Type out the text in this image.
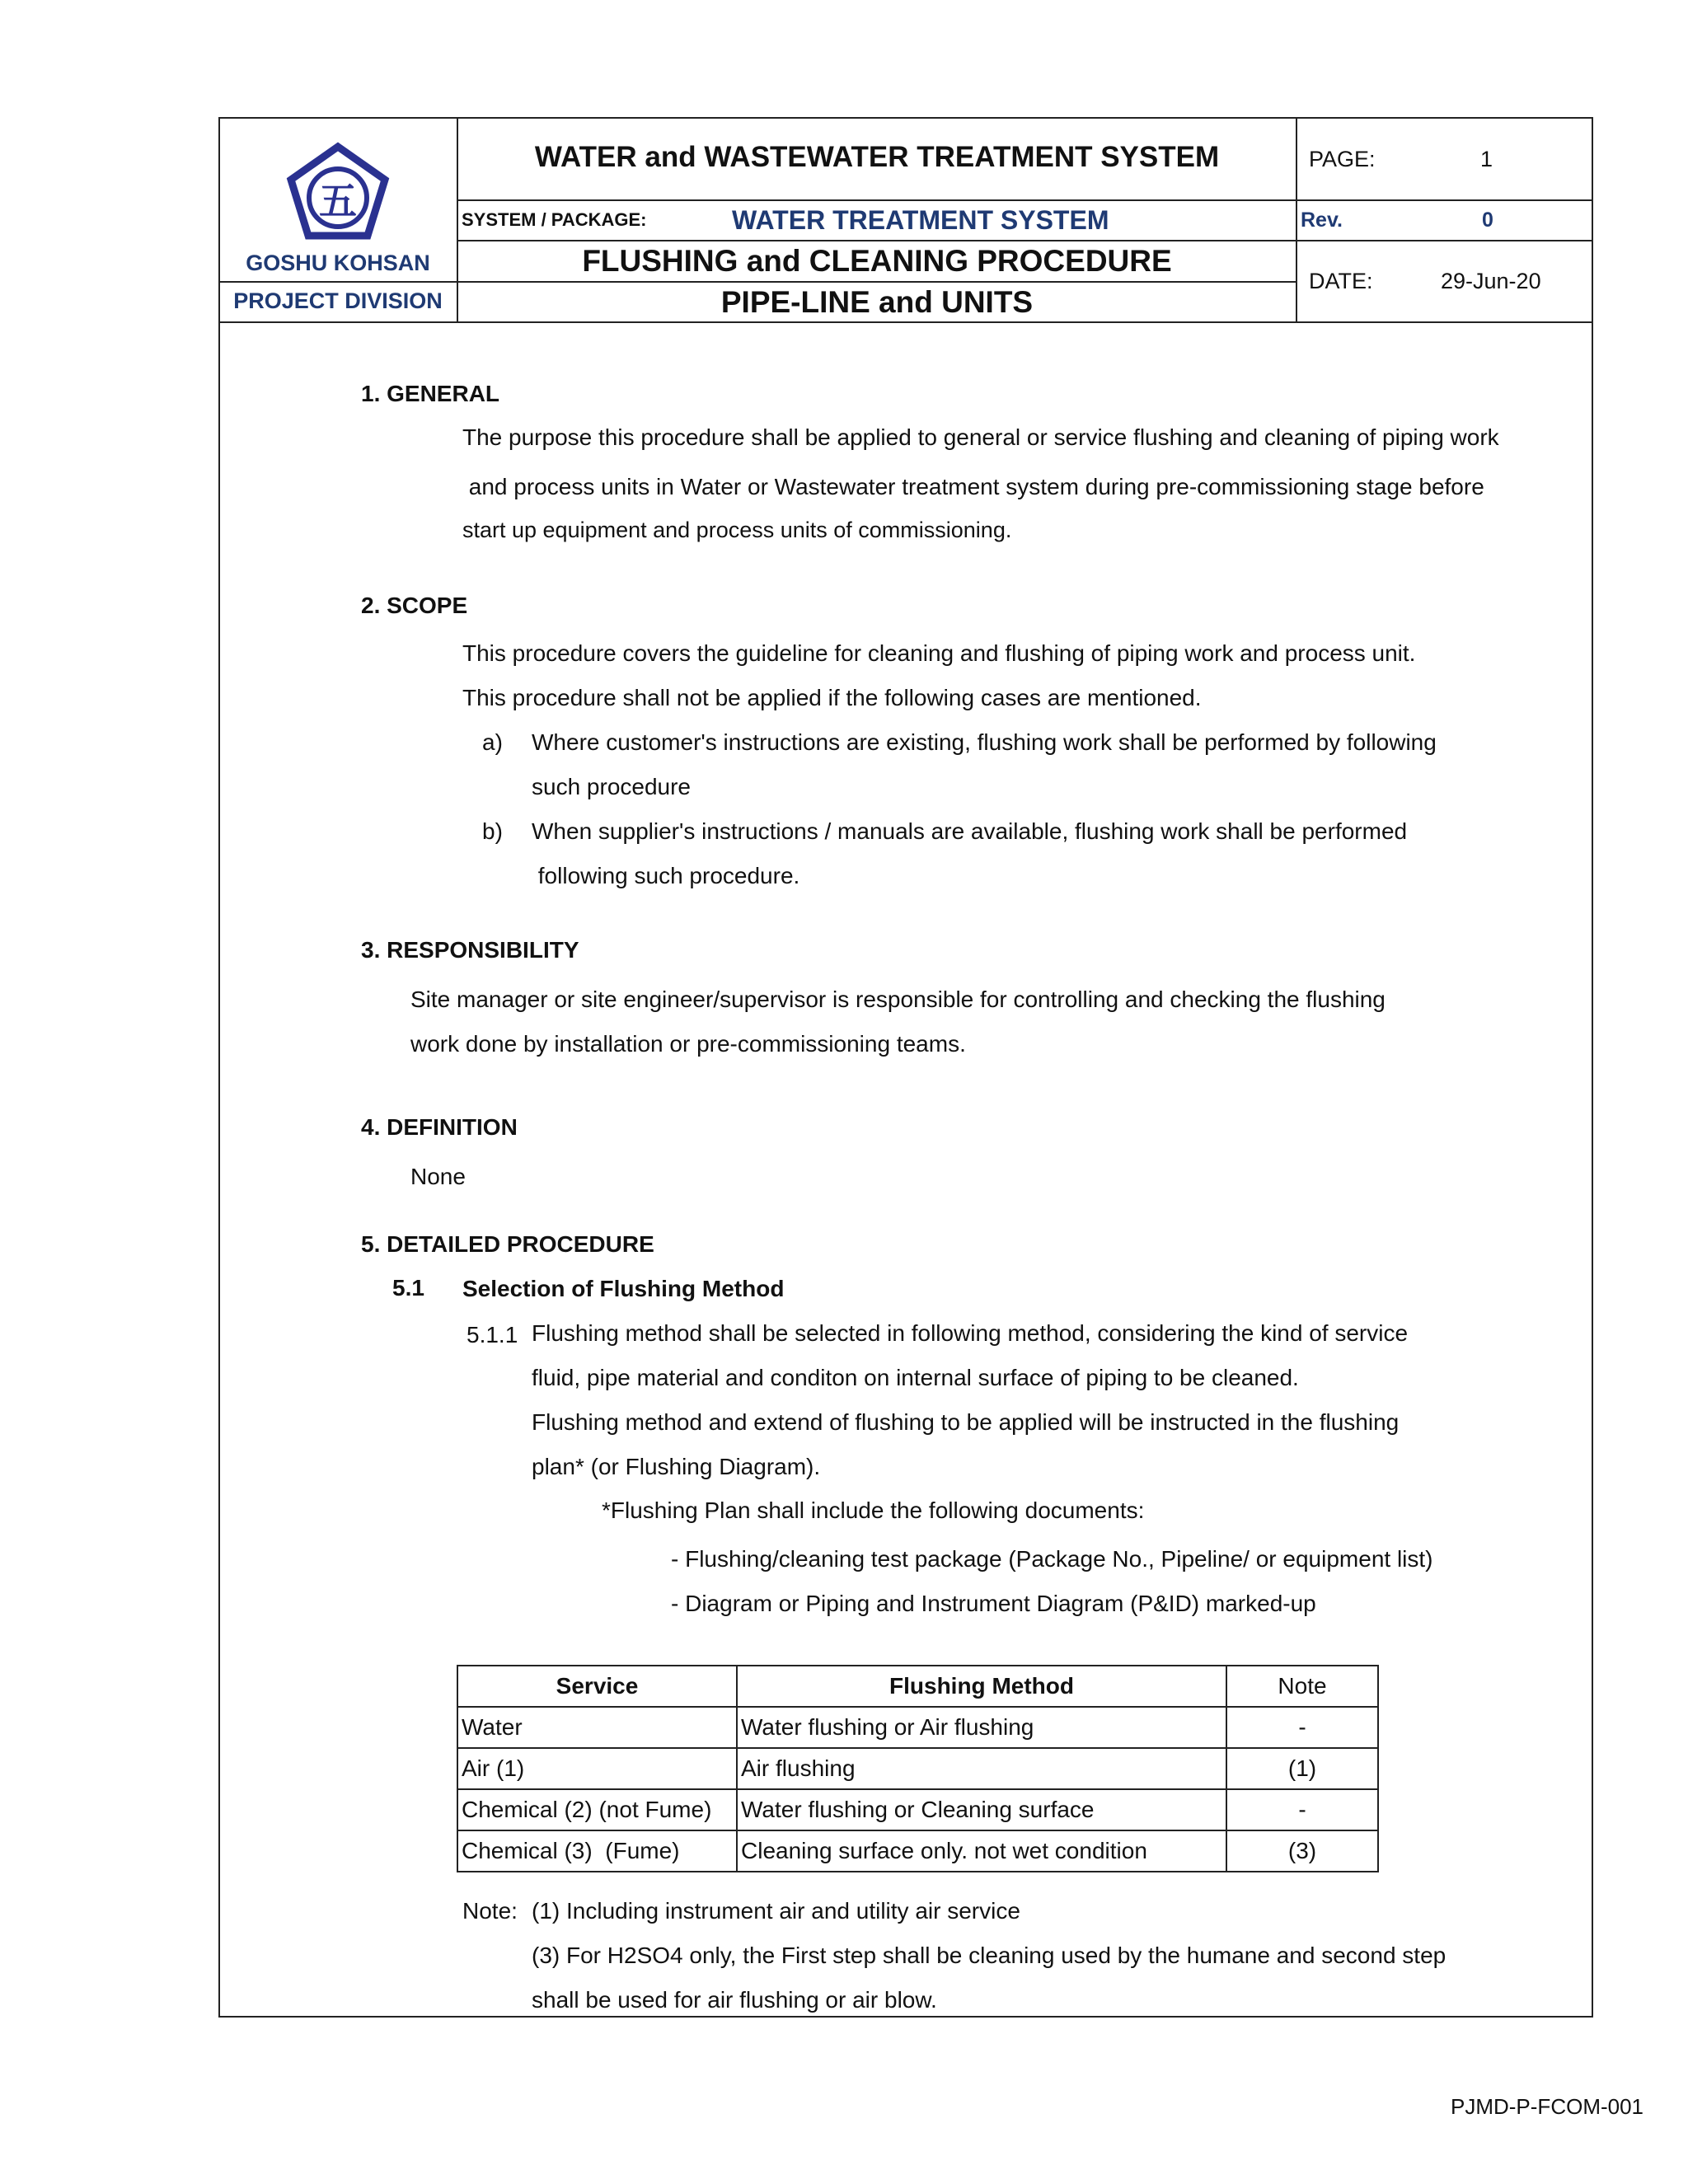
五
GOSHU KOHSAN
PROJECT DIVISION
WATER and WASTEWATER TREATMENT SYSTEM
SYSTEM / PACKAGE:	WATER TREATMENT SYSTEM
FLUSHING and CLEANING PROCEDURE
PIPE-LINE and UNITS
PAGE:	1
Rev.	0
DATE:	29-Jun-20
1. GENERAL
The purpose this procedure shall be applied to general or service flushing and cleaning of piping work
and process units in Water or Wastewater treatment system during pre-commissioning stage before
start up equipment and process units of commissioning.
2. SCOPE
This procedure covers the guideline for cleaning and flushing of piping work and process unit.
This procedure shall not be applied if the following cases are mentioned.
a) Where customer's instructions are existing, flushing work shall be performed by following
such procedure
b) When supplier's instructions / manuals are available, flushing work shall be performed
following such procedure.
3. RESPONSIBILITY
Site manager or site engineer/supervisor is responsible for controlling and checking the flushing
work done by installation or pre-commissioning teams.
4. DEFINITION
None
5. DETAILED PROCEDURE
5.1 Selection of Flushing Method
5.1.1 Flushing method shall be selected in following method, considering the kind of service
fluid, pipe material and conditon on internal surface of piping to be cleaned.
Flushing method and extend of flushing to be applied will be instructed in the flushing
plan* (or Flushing Diagram).
*Flushing Plan shall include the following documents:
- Flushing/cleaning test package (Package No., Pipeline/ or equipment list)
- Diagram or Piping and Instrument Diagram (P&ID) marked-up
Service	Flushing Method	Note
Water	Water flushing or Air flushing	-
Air (1)	Air flushing	(1)
Chemical (2) (not Fume)	Water flushing or Cleaning surface	-
Chemical (3)  (Fume)	Cleaning surface only. not wet condition	(3)
Note: (1) Including instrument air and utility air service
(3) For H2SO4 only, the First step shall be cleaning used by the humane and second step
shall be used for air flushing or air blow.
PJMD-P-FCOM-001
